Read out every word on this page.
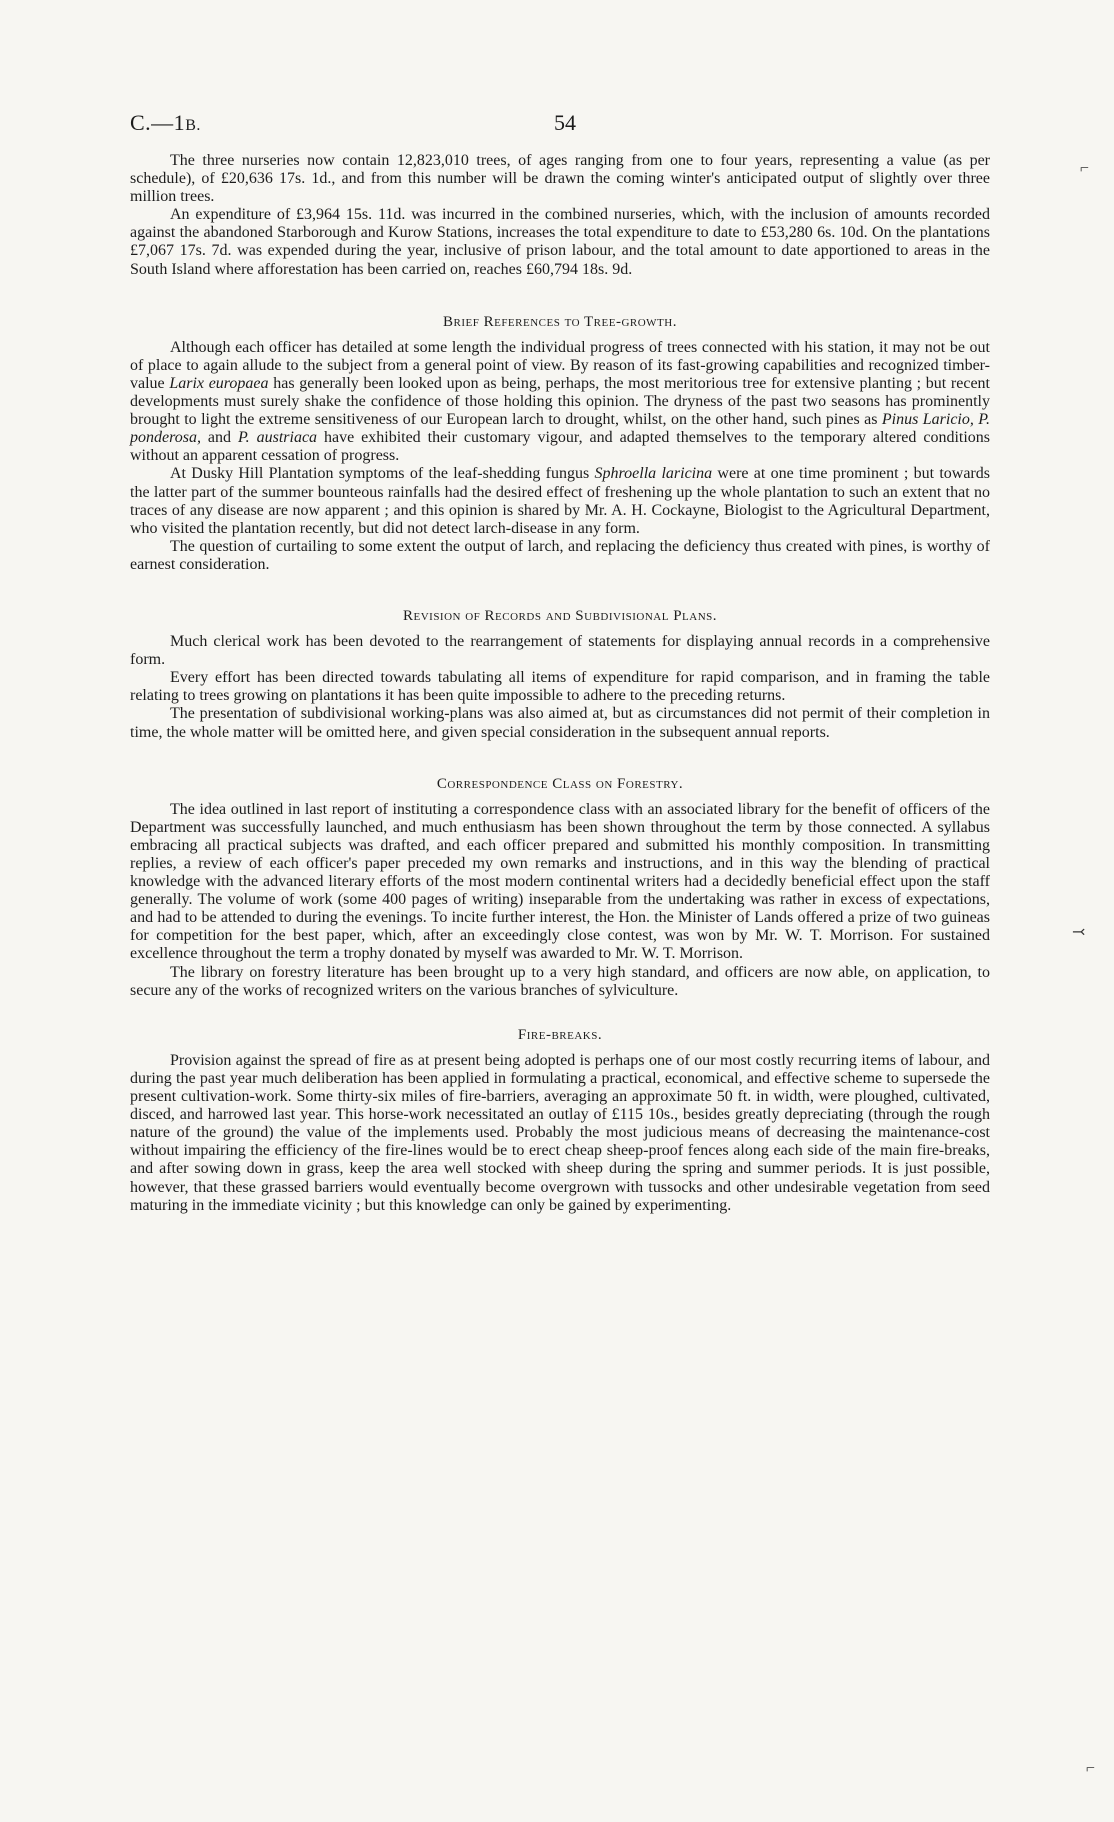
C.—1B.	54

The three nurseries now contain 12,823,010 trees, of ages ranging from one to four years, representing a value (as per schedule), of £20,636 17s. 1d., and from this number will be drawn the coming winter's anticipated output of slightly over three million trees.

An expenditure of £3,964 15s. 11d. was incurred in the combined nurseries, which, with the inclusion of amounts recorded against the abandoned Starborough and Kurow Stations, increases the total expenditure to date to £53,280 6s. 10d. On the plantations £7,067 17s. 7d. was expended during the year, inclusive of prison labour, and the total amount to date apportioned to areas in the South Island where afforestation has been carried on, reaches £60,794 18s. 9d.

Brief References to Tree-growth.

Although each officer has detailed at some length the individual progress of trees connected with his station, it may not be out of place to again allude to the subject from a general point of view. By reason of its fast-growing capabilities and recognized timber-value Larix europaea has generally been looked upon as being, perhaps, the most meritorious tree for extensive planting ; but recent developments must surely shake the confidence of those holding this opinion. The dryness of the past two seasons has prominently brought to light the extreme sensitiveness of our European larch to drought, whilst, on the other hand, such pines as Pinus Laricio, P. ponderosa, and P. austriaca have exhibited their customary vigour, and adapted themselves to the temporary altered conditions without an apparent cessation of progress.

At Dusky Hill Plantation symptoms of the leaf-shedding fungus Sphroella laricina were at one time prominent ; but towards the latter part of the summer bounteous rainfalls had the desired effect of freshening up the whole plantation to such an extent that no traces of any disease are now apparent ; and this opinion is shared by Mr. A. H. Cockayne, Biologist to the Agricultural Department, who visited the plantation recently, but did not detect larch-disease in any form.

The question of curtailing to some extent the output of larch, and replacing the deficiency thus created with pines, is worthy of earnest consideration.

Revision of Records and Subdivisional Plans.

Much clerical work has been devoted to the rearrangement of statements for displaying annual records in a comprehensive form.

Every effort has been directed towards tabulating all items of expenditure for rapid comparison, and in framing the table relating to trees growing on plantations it has been quite impossible to adhere to the preceding returns.

The presentation of subdivisional working-plans was also aimed at, but as circumstances did not permit of their completion in time, the whole matter will be omitted here, and given special consideration in the subsequent annual reports.

Correspondence Class on Forestry.

The idea outlined in last report of instituting a correspondence class with an associated library for the benefit of officers of the Department was successfully launched, and much enthusiasm has been shown throughout the term by those connected. A syllabus embracing all practical subjects was drafted, and each officer prepared and submitted his monthly composition. In transmitting replies, a review of each officer's paper preceded my own remarks and instructions, and in this way the blending of practical knowledge with the advanced literary efforts of the most modern continental writers had a decidedly beneficial effect upon the staff generally. The volume of work (some 400 pages of writing) inseparable from the undertaking was rather in excess of expectations, and had to be attended to during the evenings. To incite further interest, the Hon. the Minister of Lands offered a prize of two guineas for competition for the best paper, which, after an exceedingly close contest, was won by Mr. W. T. Morrison. For sustained excellence throughout the term a trophy donated by myself was awarded to Mr. W. T. Morrison.

The library on forestry literature has been brought up to a very high standard, and officers are now able, on application, to secure any of the works of recognized writers on the various branches of sylviculture.

Fire-breaks.

Provision against the spread of fire as at present being adopted is perhaps one of our most costly recurring items of labour, and during the past year much deliberation has been applied in formulating a practical, economical, and effective scheme to supersede the present cultivation-work. Some thirty-six miles of fire-barriers, averaging an approximate 50 ft. in width, were ploughed, cultivated, disced, and harrowed last year. This horse-work necessitated an outlay of £115 10s., besides greatly depreciating (through the rough nature of the ground) the value of the implements used. Probably the most judicious means of decreasing the maintenance-cost without impairing the efficiency of the fire-lines would be to erect cheap sheep-proof fences along each side of the main fire-breaks, and after sowing down in grass, keep the area well stocked with sheep during the spring and summer periods. It is just possible, however, that these grassed barriers would eventually become overgrown with tussocks and other undesirable vegetation from seed maturing in the immediate vicinity ; but this knowledge can only be gained by experimenting.

⌐
⤙
⌐
